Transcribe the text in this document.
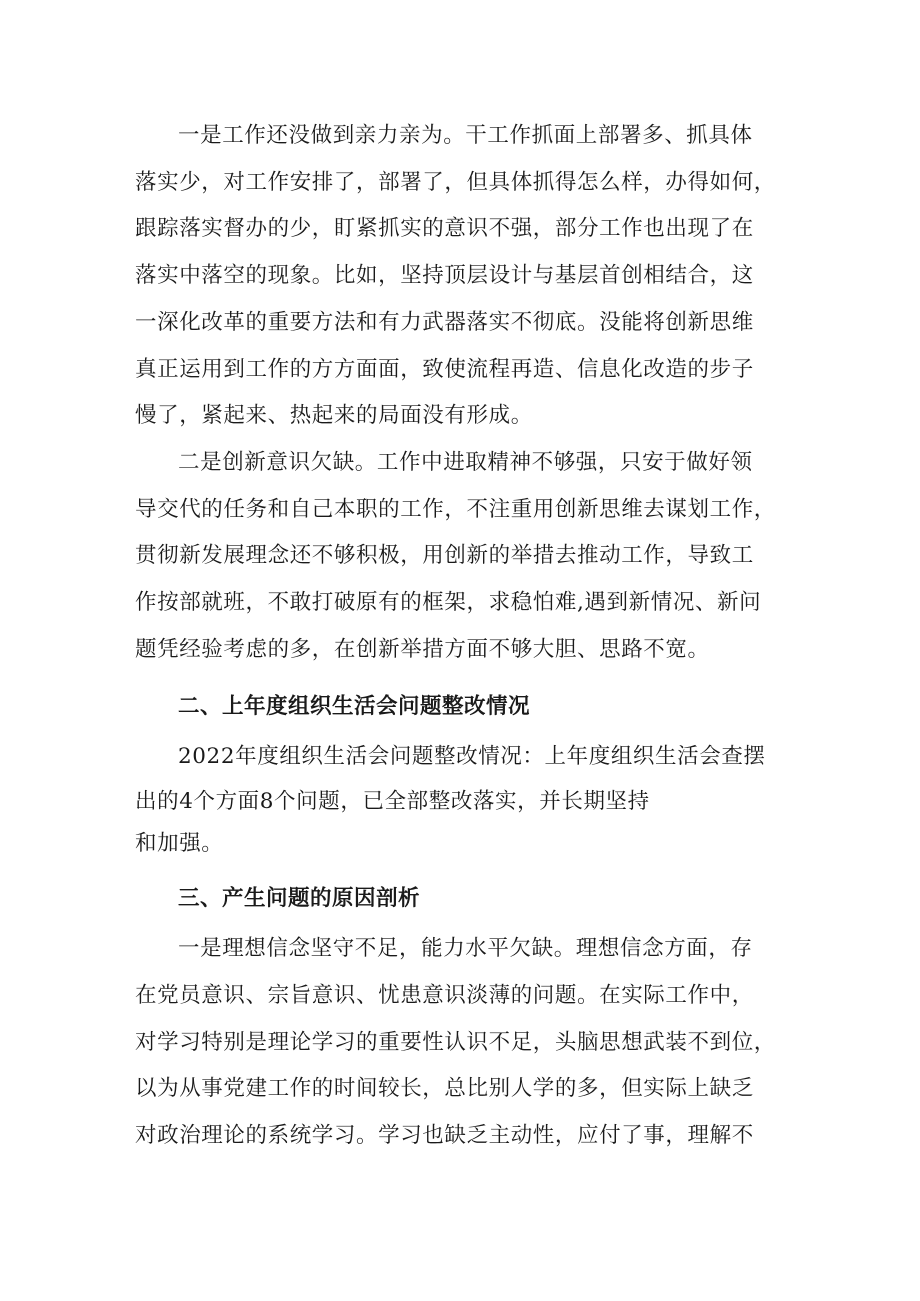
一是工作还没做到亲力亲为。干工作抓面上部署多、抓具体
落实少，对工作安排了，部署了，但具体抓得怎么样，办得如何，
跟踪落实督办的少，盯紧抓实的意识不强，部分工作也出现了在
落实中落空的现象。比如，坚持顶层设计与基层首创相结合，这
一深化改革的重要方法和有力武器落实不彻底。没能将创新思维
真正运用到工作的方方面面，致使流程再造、信息化改造的步子
慢了，紧起来、热起来的局面没有形成。

二是创新意识欠缺。工作中进取精神不够强，只安于做好领
导交代的任务和自己本职的工作，不注重用创新思维去谋划工作，
贯彻新发展理念还不够积极，用创新的举措去推动工作，导致工
作按部就班，不敢打破原有的框架，求稳怕难,遇到新情况、新问
题凭经验考虑的多，在创新举措方面不够大胆、思路不宽。

二、上年度组织生活会问题整改情况

2022年度组织生活会问题整改情况：上年度组织生活会查摆
出的4个方面8个问题，已全部整改落实，并长期坚持
和加强。

三、产生问题的原因剖析

一是理想信念坚守不足，能力水平欠缺。理想信念方面，存
在党员意识、宗旨意识、忧患意识淡薄的问题。在实际工作中，
对学习特别是理论学习的重要性认识不足，头脑思想武装不到位，
以为从事党建工作的时间较长，总比别人学的多，但实际上缺乏
对政治理论的系统学习。学习也缺乏主动性，应付了事，理解不
